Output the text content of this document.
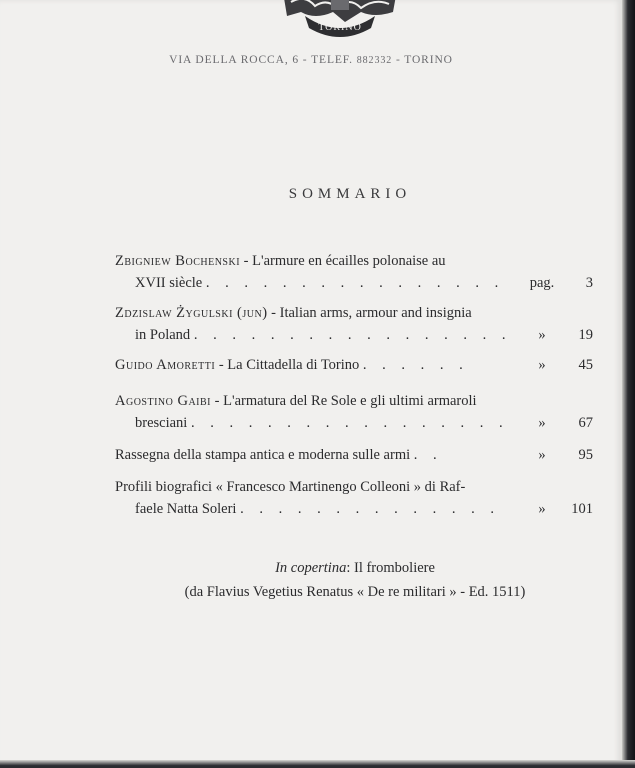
TORINO
VIA DELLA ROCCA, 6 - TELEF. 882332 - TORINO
SOMMARIO
Zbigniew Bochenski - L'armure en écailles polonaise au
XVII siècle . . . . . . . . . . . . . . . .	pag.	3
Zdzislaw Żygulski (jun) - Italian arms, armour and insignia
in Poland . . . . . . . . . . . . . . . . .	»	19
Guido Amoretti - La Cittadella di Torino . . . . . .	»	45
Agostino Gaibi - L'armatura del Re Sole e gli ultimi armaroli
bresciani . . . . . . . . . . . . . . . . .	»	67
Rassegna della stampa antica e moderna sulle armi . .	»	95
Profili biografici « Francesco Martinengo Colleoni » di Raf-
faele Natta Soleri . . . . . . . . . . . . . .	»	101
In copertina: Il fromboliere
(da Flavius Vegetius Renatus « De re militari » - Ed. 1511)
